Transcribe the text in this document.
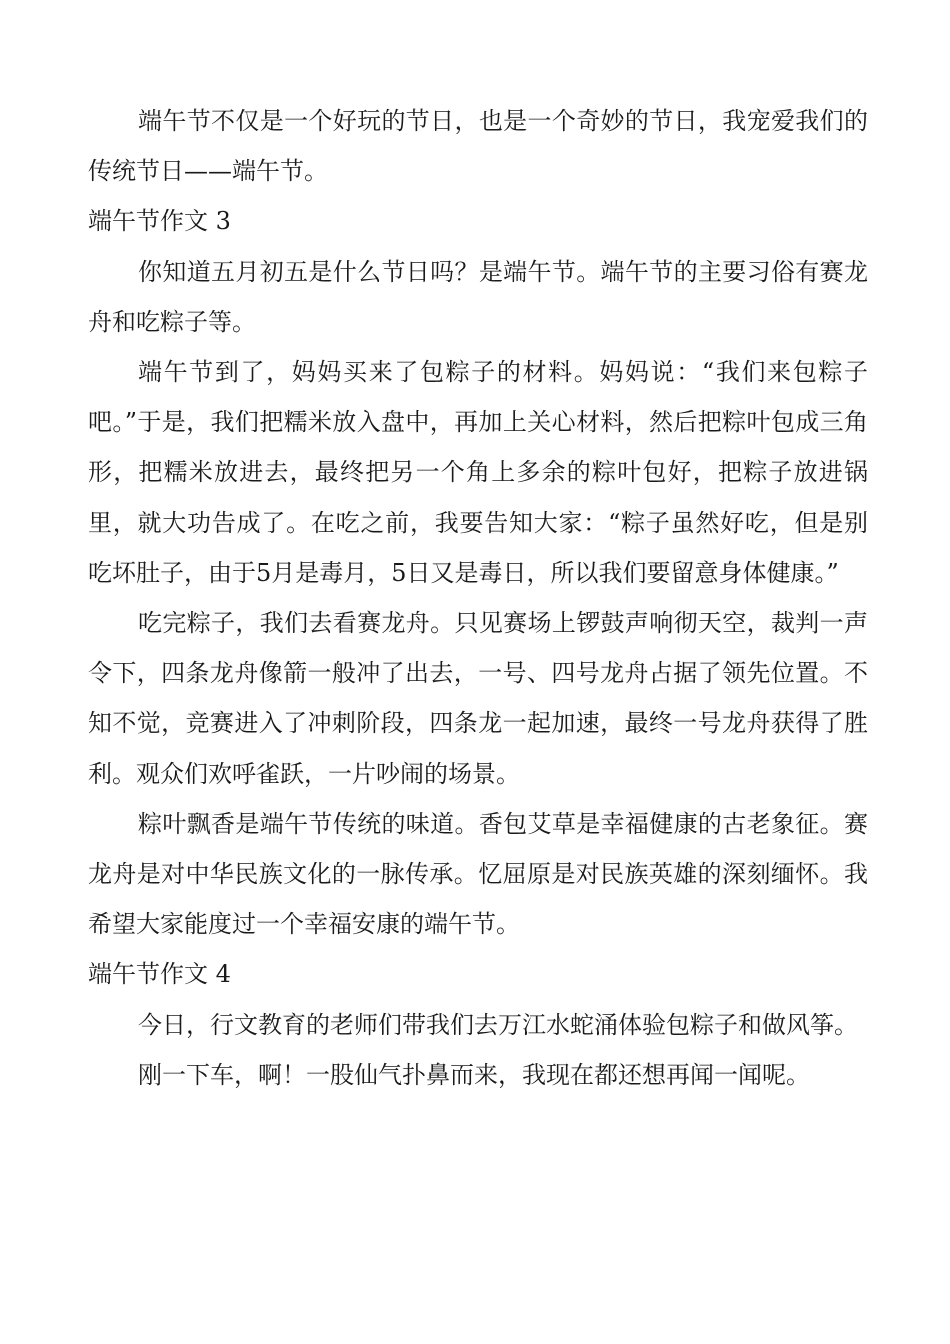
端午节不仅是一个好玩的节日，也是一个奇妙的节日，我宠爱我们的传统节日——端午节。

端午节作文 3

你知道五月初五是什么节日吗？是端午节。端午节的主要习俗有赛龙舟和吃粽子等。

端午节到了，妈妈买来了包粽子的材料。妈妈说：“我们来包粽子吧。”于是，我们把糯米放入盘中，再加上关心材料，然后把粽叶包成三角形，把糯米放进去，最终把另一个角上多余的粽叶包好，把粽子放进锅里，就大功告成了。在吃之前，我要告知大家：“粽子虽然好吃，但是别吃坏肚子，由于5月是毒月，5日又是毒日，所以我们要留意身体健康。”

吃完粽子，我们去看赛龙舟。只见赛场上锣鼓声响彻天空，裁判一声令下，四条龙舟像箭一般冲了出去，一号、四号龙舟占据了领先位置。不知不觉，竞赛进入了冲刺阶段，四条龙一起加速，最终一号龙舟获得了胜利。观众们欢呼雀跃，一片吵闹的场景。

粽叶飘香是端午节传统的味道。香包艾草是幸福健康的古老象征。赛龙舟是对中华民族文化的一脉传承。忆屈原是对民族英雄的深刻缅怀。我希望大家能度过一个幸福安康的端午节。

端午节作文 4

今日，行文教育的老师们带我们去万江水蛇涌体验包粽子和做风筝。

刚一下车，啊！一股仙气扑鼻而来，我现在都还想再闻一闻呢。
